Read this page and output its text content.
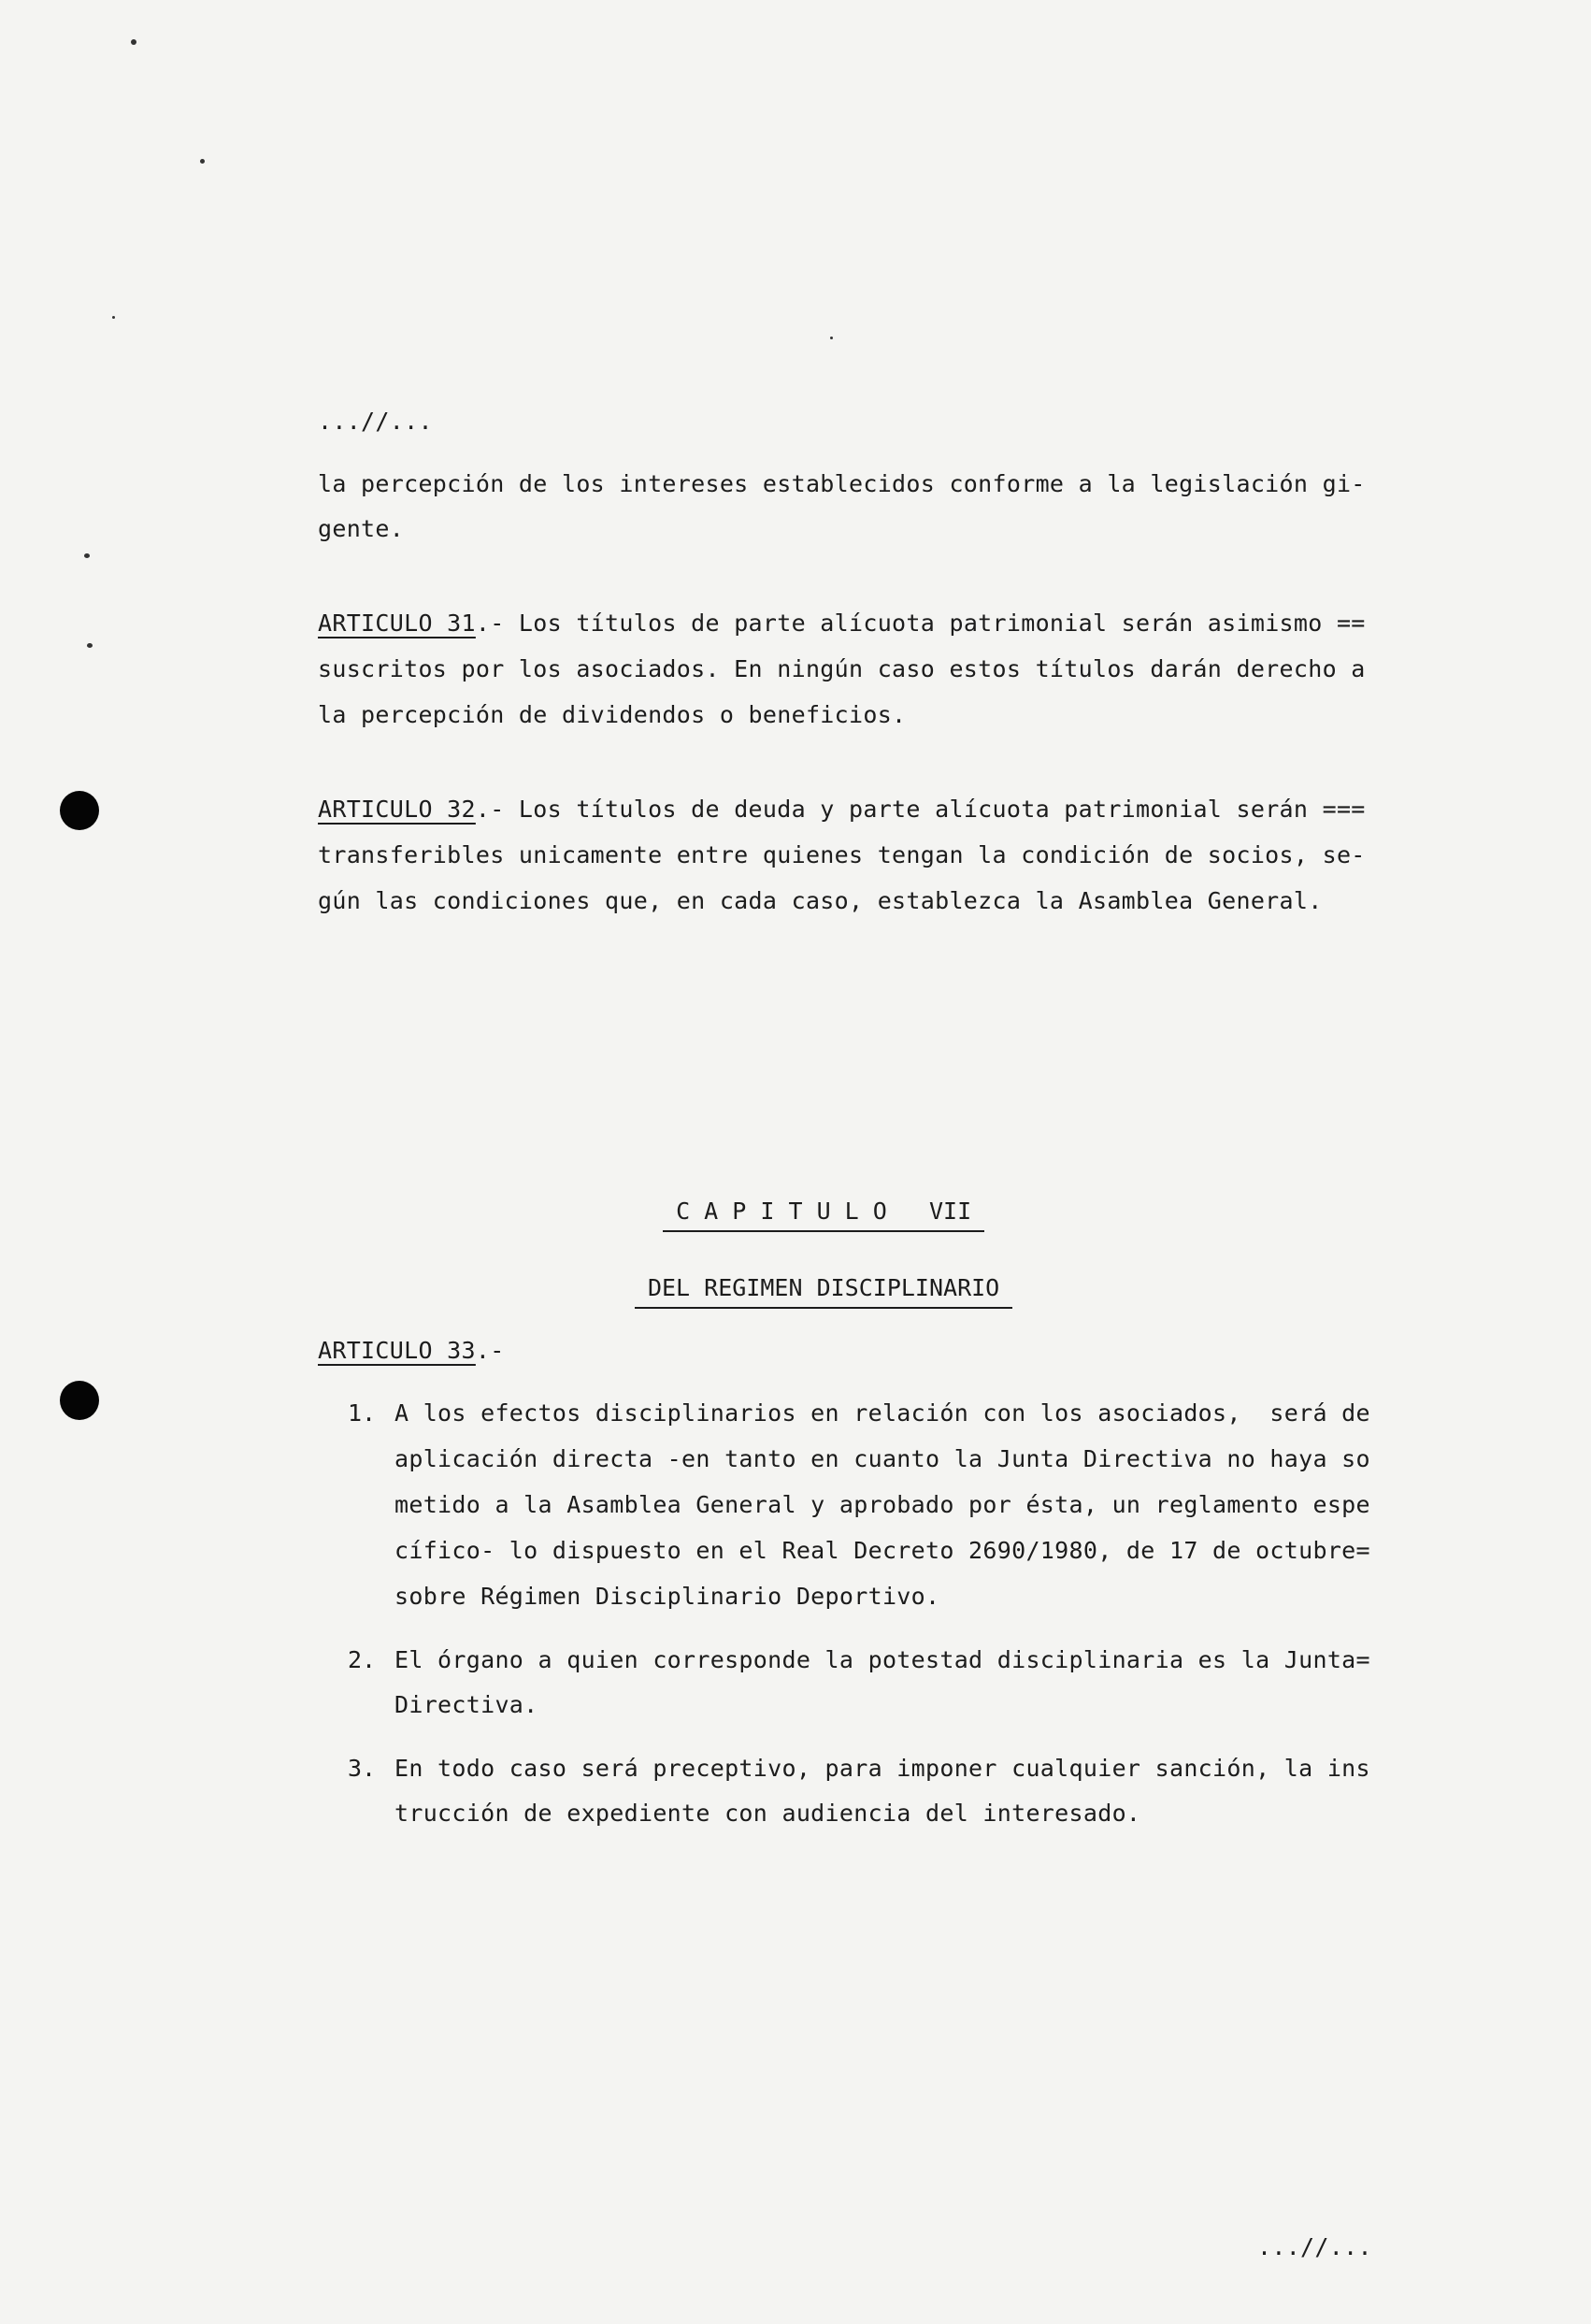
...//...
la percepción de los intereses establecidos conforme a la legislación gi-
gente.
ARTICULO 31.- Los títulos de parte alícuota patrimonial serán asimismo ==
suscritos por los asociados. En ningún caso estos títulos darán derecho a
la percepción de dividendos o beneficios.
ARTICULO 32.- Los títulos de deuda y parte alícuota patrimonial serán ===
transferibles unicamente entre quienes tengan la condición de socios, se-
gún las condiciones que, en cada caso, establezca la Asamblea General.

C A P I T U L O   VII

DEL REGIMEN DISCIPLINARIO

ARTICULO 33.-
1. A los efectos disciplinarios en relación con los asociados,  será de
aplicación directa -en tanto en cuanto la Junta Directiva no haya so
metido a la Asamblea General y aprobado por ésta, un reglamento espe
cífico- lo dispuesto en el Real Decreto 2690/1980, de 17 de octubre=
sobre Régimen Disciplinario Deportivo.
2. El órgano a quien corresponde la potestad disciplinaria es la Junta=
Directiva.
3. En todo caso será preceptivo, para imponer cualquier sanción, la ins
trucción de expediente con audiencia del interesado.
...//...
